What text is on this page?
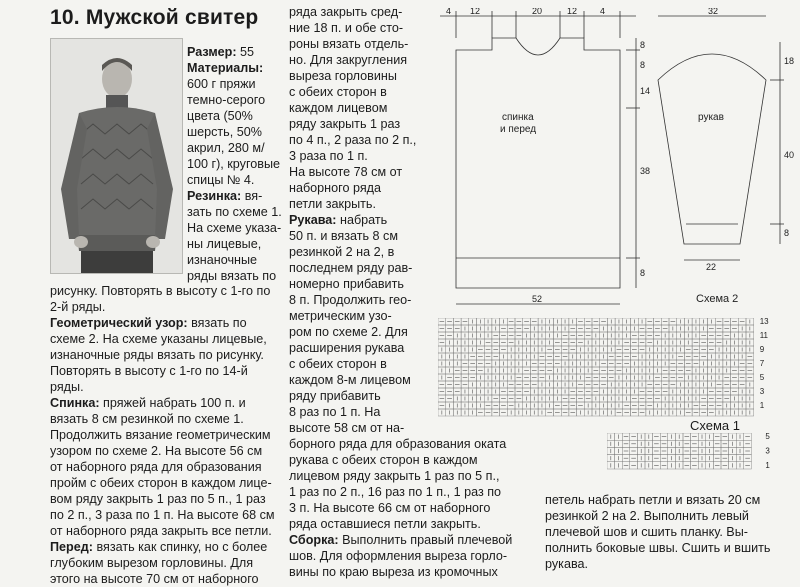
10. Мужской свитер
Размер: 55
Материалы:
600 г пряжи
темно-серого
цвета (50%
шерсть, 50%
акрил, 280 м/
100 г), круговые
спицы № 4.
Резинка: вя-
зать по схеме 1.
На схеме указа-
ны лицевые,
изнаночные
ряды вязать по
рисунку. Повторять в высоту с 1-го по
2-й ряды.
Геометрический узор: вязать по
схеме 2. На схеме указаны лицевые,
изнаночные ряды вязать по рисунку.
Повторять в высоту с 1-го по 14-й
ряды.
Спинка: пряжей набрать 100 п. и
вязать 8 см резинкой по схеме 1.
Продолжить вязание геометрическим
узором по схеме 2. На высоте 56 см
от наборного ряда для образования
пройм с обеих сторон в каждом лице-
вом ряду закрыть 1 раз по 5 п., 1 раз
по 2 п., 3 раза по 1 п. На высоте 68 см
от наборного ряда закрыть все петли.
Перед: вязать как спинку, но с более
глубоким вырезом горловины. Для
этого на высоте 70 см от наборного
ряда закрыть сред-
ние 18 п. и обе сто-
роны вязать отдель-
но. Для закругления
выреза горловины
с обеих сторон в
каждом лицевом
ряду закрыть 1 раз
по 4 п., 2 раза по 2 п.,
3 раза по 1 п.
На высоте 78 см от
наборного ряда
петли закрыть.
Рукава: набрать
50 п. и вязать 8 см
резинкой 2 на 2, в
последнем ряду рав-
номерно прибавить
8 п. Продолжить гео-
метрическим узо-
ром по схеме 2. Для
расширения рукава
с обеих сторон в
каждом 8-м лицевом
ряду прибавить
8 раз по 1 п. На
высоте 58 см от на-
борного ряда для образования оката
рукава с обеих сторон в каждом
лицевом ряду закрыть 1 раз по 5 п.,
1 раз по 2 п., 16 раз по 1 п., 1 раз по
3 п. На высоте 66 см от наборного
ряда оставшиеся петли закрыть.
Сборка: Выполнить правый плечевой
шов. Для оформления выреза горло-
вины по краю выреза из кромочных
петель набрать петли и вязать 20 см
резинкой 2 на 2. Выполнить левый
плечевой шов и сшить планку. Вы-
полнить боковые швы. Сшить и вшить
рукава.
4 12	20	12	4
8
8
14
38
8
52
спинка
и перед
рукав
32
18
40
8
22
Схема 2
13
11
9
7
5
3
1
Схема 1
5
3
1
